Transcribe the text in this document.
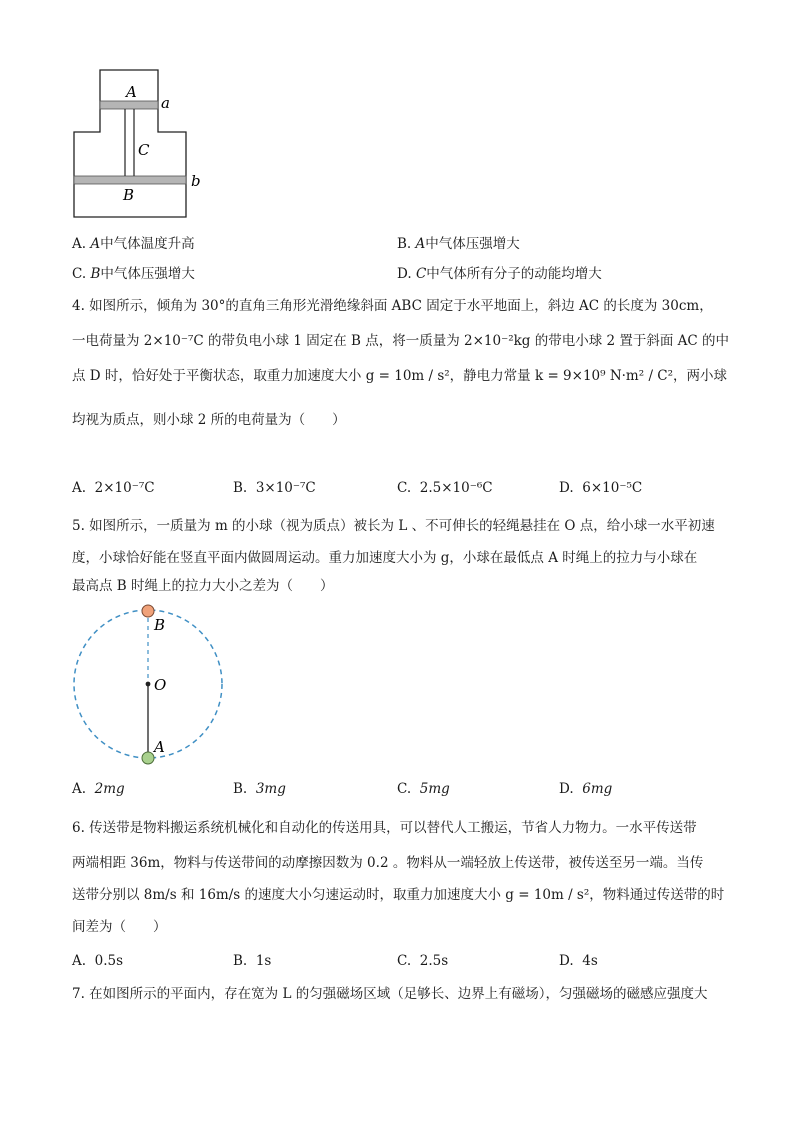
A
a
C
B
b
A. A中气体温度升高	B. A中气体压强增大
C. B中气体压强增大	D. C中气体所有分子的动能均增大
4. 如图所示，倾角为 30°的直角三角形光滑绝缘斜面 ABC 固定于水平地面上，斜边 AC 的长度为 30cm，
一电荷量为 2×10⁻⁷C 的带负电小球 1 固定在 B 点，将一质量为 2×10⁻²kg 的带电小球 2 置于斜面 AC 的中
点 D 时，恰好处于平衡状态，取重力加速度大小 g = 10m / s²，静电力常量 k = 9×10⁹ N·m² / C²，两小球
均视为质点，则小球 2 所的电荷量为（　　）
A. 2×10⁻⁷C	B. 3×10⁻⁷C	C. 2.5×10⁻⁶C	D. 6×10⁻⁵C
5. 如图所示，一质量为 m 的小球（视为质点）被长为 L 、不可伸长的轻绳悬挂在 O 点，给小球一水平初速
度，小球恰好能在竖直平面内做圆周运动。重力加速度大小为 g，小球在最低点 A 时绳上的拉力与小球在
最高点 B 时绳上的拉力大小之差为（　　）
B
O
A
A. 2mg	B. 3mg	C. 5mg	D. 6mg
6. 传送带是物料搬运系统机械化和自动化的传送用具，可以替代人工搬运，节省人力物力。一水平传送带
两端相距 36m，物料与传送带间的动摩擦因数为 0.2 。物料从一端轻放上传送带，被传送至另一端。当传
送带分别以 8m/s 和 16m/s 的速度大小匀速运动时，取重力加速度大小 g = 10m / s²，物料通过传送带的时
间差为（　　）
A. 0.5s	B. 1s	C. 2.5s	D. 4s
7. 在如图所示的平面内，存在宽为 L 的匀强磁场区域（足够长、边界上有磁场），匀强磁场的磁感应强度大
